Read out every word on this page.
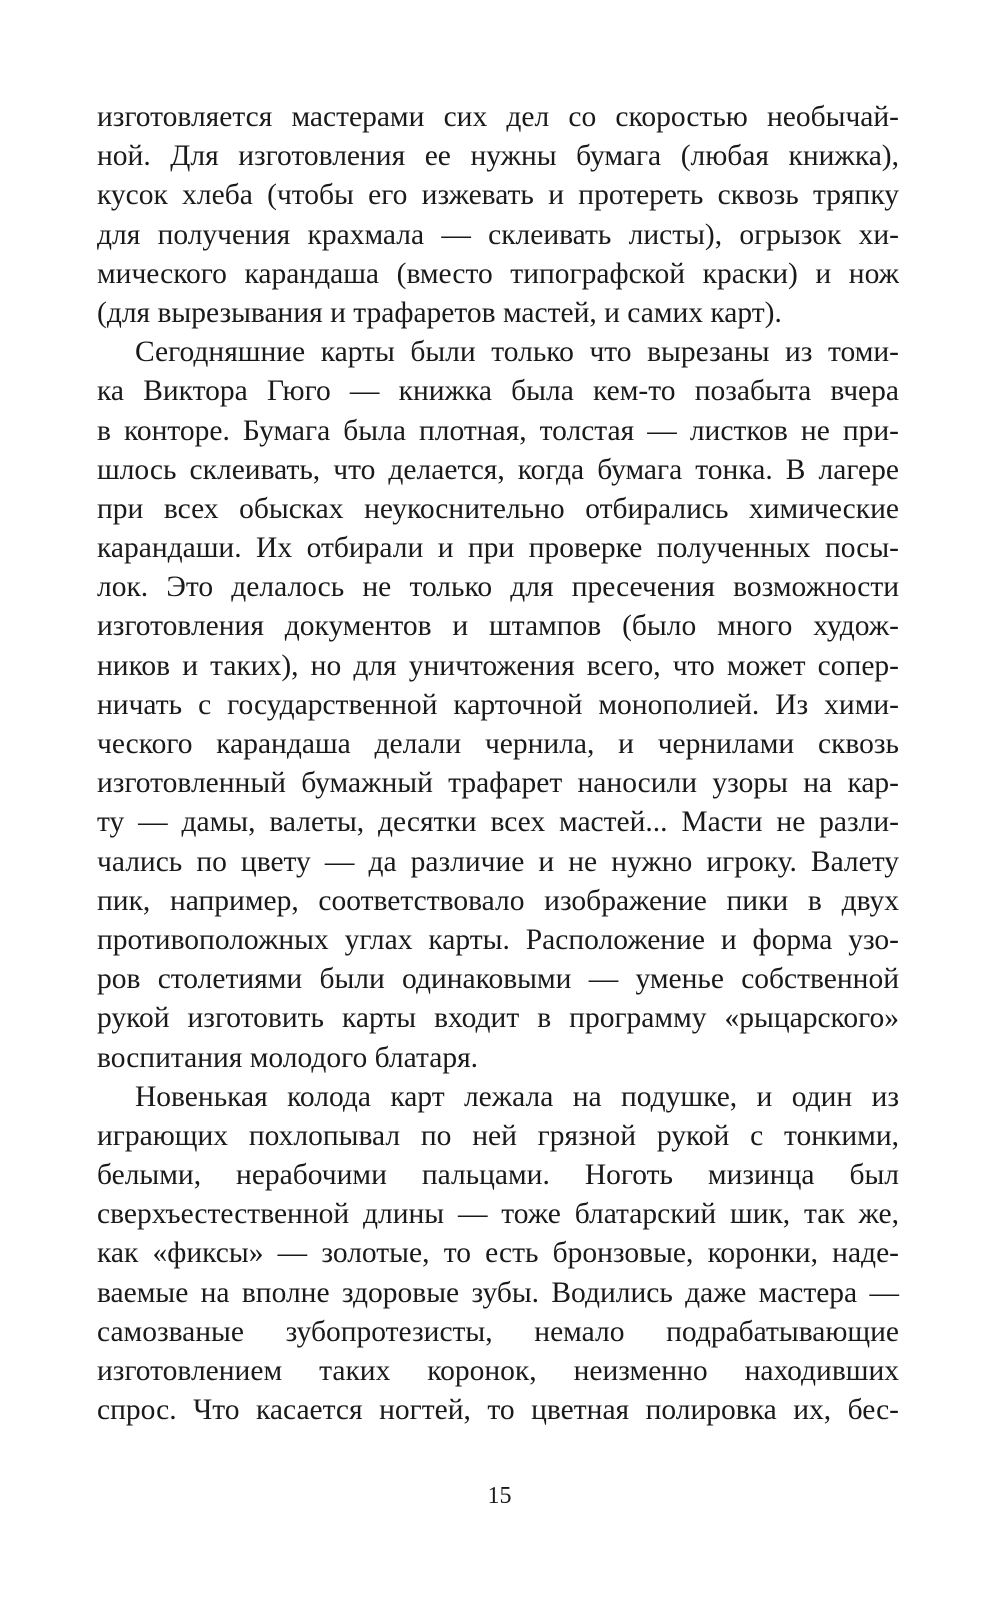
изготовляется мастерами сих дел со скоростью необычай-
ной. Для изготовления ее нужны бумага (любая книжка),
кусок хлеба (чтобы его изжевать и протереть сквозь тряпку
для получения крахмала — склеивать листы), огрызок хи-
мического карандаша (вместо типографской краски) и нож
(для вырезывания и трафаретов мастей, и самих карт).
Сегодняшние карты были только что вырезаны из томи-
ка Виктора Гюго — книжка была кем-то позабыта вчера
в конторе. Бумага была плотная, толстая — листков не при-
шлось склеивать, что делается, когда бумага тонка. В лагере
при всех обысках неукоснительно отбирались химические
карандаши. Их отбирали и при проверке полученных посы-
лок. Это делалось не только для пресечения возможности
изготовления документов и штампов (было много худож-
ников и таких), но для уничтожения всего, что может сопер-
ничать с государственной карточной монополией. Из хими-
ческого карандаша делали чернила, и чернилами сквозь
изготовленный бумажный трафарет наносили узоры на кар-
ту — дамы, валеты, десятки всех мастей... Масти не разли-
чались по цвету — да различие и не нужно игроку. Валету
пик, например, соответствовало изображение пики в двух
противоположных углах карты. Расположение и форма узо-
ров столетиями были одинаковыми — уменье собственной
рукой изготовить карты входит в программу «рыцарского»
воспитания молодого блатаря.
Новенькая колода карт лежала на подушке, и один из
играющих похлопывал по ней грязной рукой с тонкими,
белыми, нерабочими пальцами. Ноготь мизинца был
сверхъестественной длины — тоже блатарский шик, так же,
как «фиксы» — золотые, то есть бронзовые, коронки, наде-
ваемые на вполне здоровые зубы. Водились даже мастера —
самозваные зубопротезисты, немало подрабатывающие
изготовлением таких коронок, неизменно находивших
спрос. Что касается ногтей, то цветная полировка их, бес-
15
